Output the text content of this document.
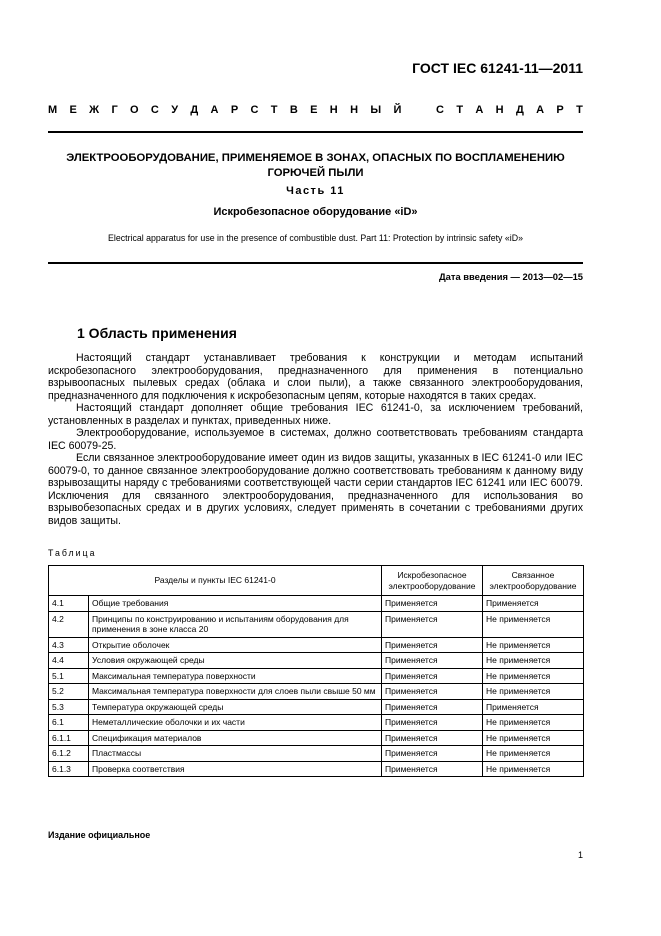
ГОСТ IEC 61241-11—2011
М Е Ж Г О С У Д А Р С Т В Е Н Н Ы Й	С Т А Н Д А Р Т
ЭЛЕКТРООБОРУДОВАНИЕ, ПРИМЕНЯЕМОЕ В ЗОНАХ, ОПАСНЫХ ПО ВОСПЛАМЕНЕНИЮ ГОРЮЧЕЙ ПЫЛИ
Часть 11
Искробезопасное оборудование «iD»
Electrical apparatus for use in the presence of combustible dust. Part 11: Protection by intrinsic safety «iD»
Дата введения — 2013—02—15
1 Область применения

Настоящий стандарт устанавливает требования к конструкции и методам испытаний искробезопасного электрооборудования, предназначенного для применения в потенциально взрывоопасных пылевых средах (облака и слои пыли), а также связанного электрооборудования, предназначенного для подключения к искробезопасным цепям, которые находятся в таких средах.

Настоящий стандарт дополняет общие требования IEC 61241-0, за исключением требований, установленных в разделах и пунктах, приведенных ниже.

Электрооборудование, используемое в системах, должно соответствовать требованиям стандарта IEC 60079-25.

Если связанное электрооборудование имеет один из видов защиты, указанных в IEC 61241-0 или IEC 60079-0, то данное связанное электрооборудование должно соответствовать требованиям к данному виду взрывозащиты наряду с требованиями соответствующей части серии стандартов IEC 61241 или IEC 60079. Исключения для связанного электрооборудования, предназначенного для использования во взрывобезопасных средах и в других условиях, следует применять в сочетании с требованиями других видов защиты.

Таблица
Разделы и пункты IEC 61241-0		Искробезопасное электрооборудование	Связанное электрооборудование
4.1	Общие требования	Применяется	Применяется
4.2	Принципы по конструированию и испытаниям оборудования для применения в зоне класса 20	Применяется	Не применяется
4.3	Открытие оболочек	Применяется	Не применяется
4.4	Условия окружающей среды	Применяется	Не применяется
5.1	Максимальная температура поверхности	Применяется	Не применяется
5.2	Максимальная температура поверхности для слоев пыли свыше 50 мм	Применяется	Не применяется
5.3	Температура окружающей среды	Применяется	Применяется
6.1	Неметаллические оболочки и их части	Применяется	Не применяется
6.1.1	Спецификация материалов	Применяется	Не применяется
6.1.2	Пластмассы	Применяется	Не применяется
6.1.3	Проверка соответствия	Применяется	Не применяется
Издание официальное
1
